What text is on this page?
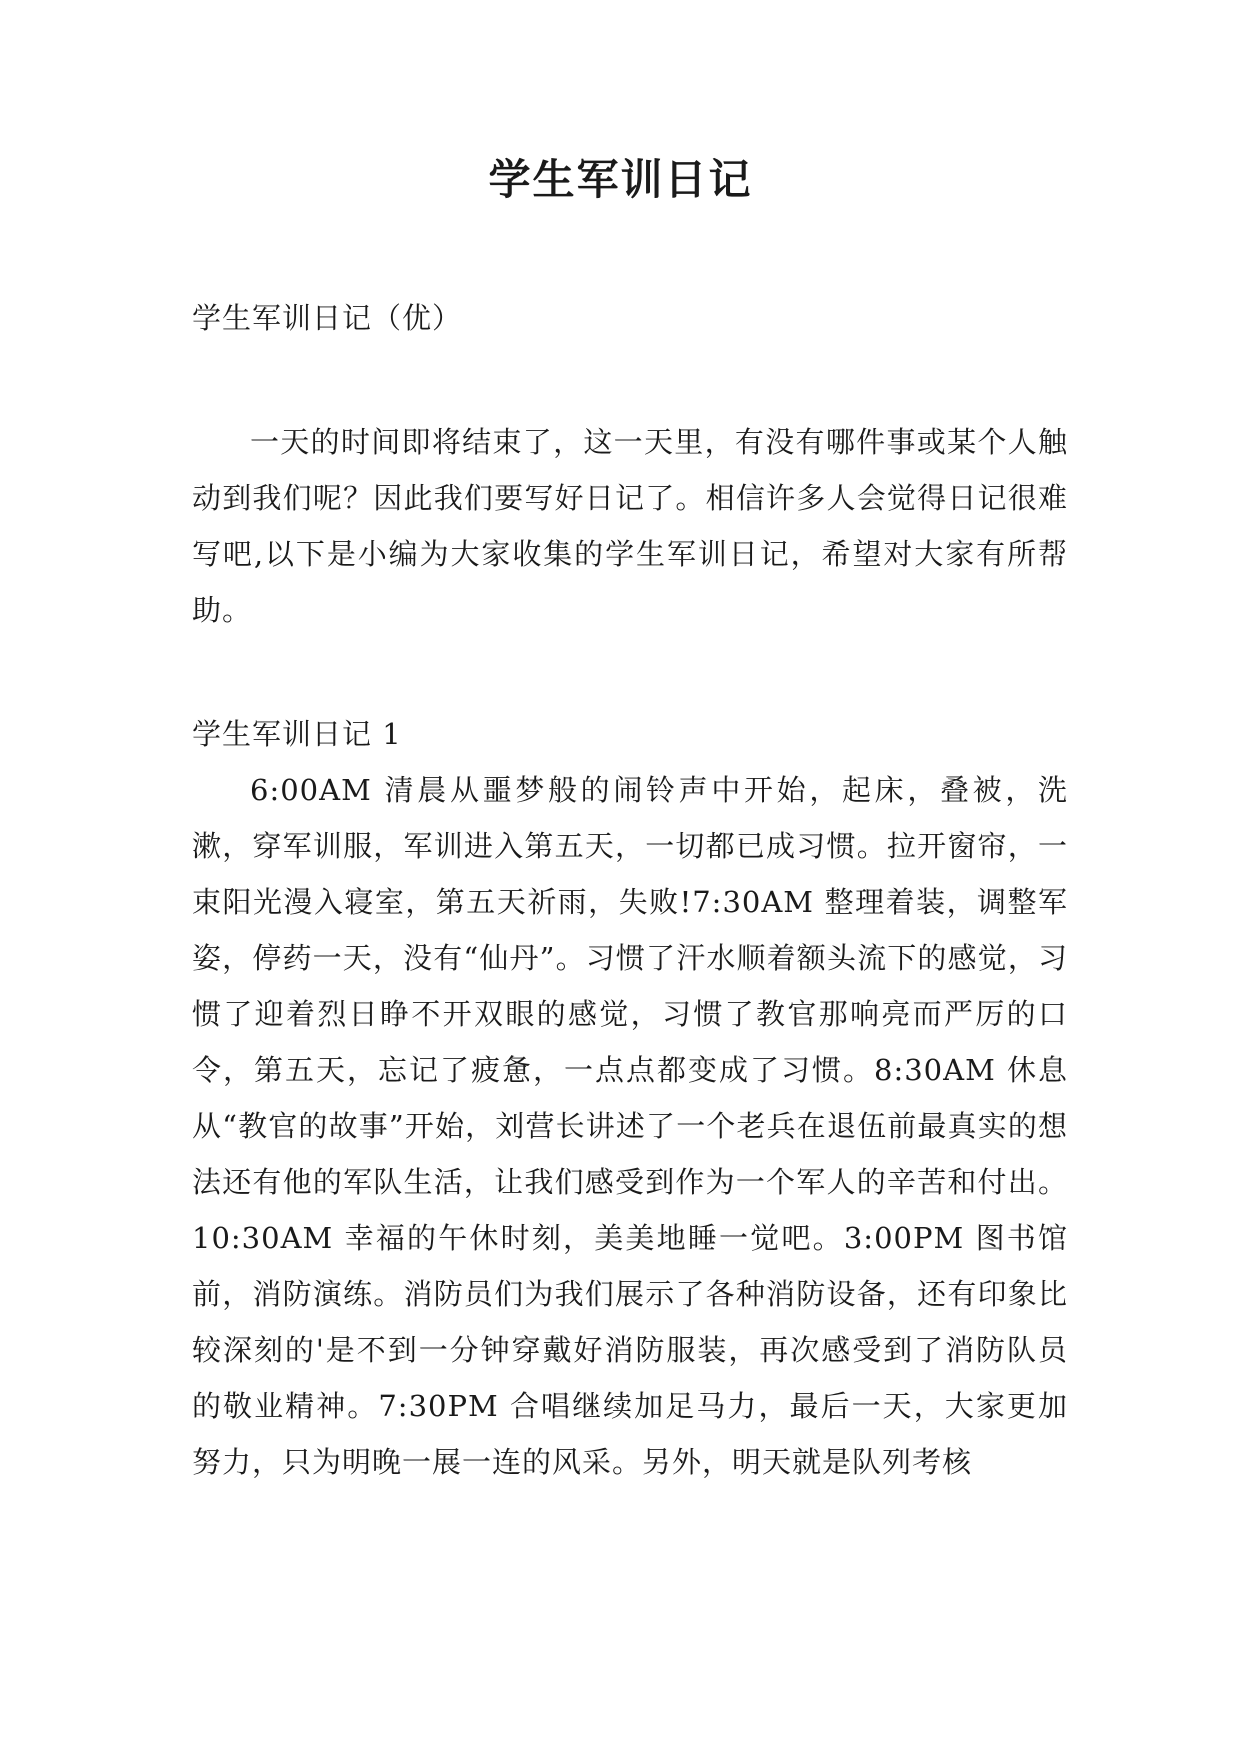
学生军训日记

学生军训日记（优）

一天的时间即将结束了，这一天里，有没有哪件事或某个人触动到我们呢？因此我们要写好日记了。相信许多人会觉得日记很难写吧,以下是小编为大家收集的学生军训日记，希望对大家有所帮助。

学生军训日记 1

6:00AM 清晨从噩梦般的闹铃声中开始，起床，叠被，洗漱，穿军训服，军训进入第五天，一切都已成习惯。拉开窗帘，一束阳光漫入寝室，第五天祈雨，失败!7:30AM 整理着装，调整军姿，停药一天，没有“仙丹”。习惯了汗水顺着额头流下的感觉，习惯了迎着烈日睁不开双眼的感觉，习惯了教官那响亮而严厉的口令，第五天，忘记了疲惫，一点点都变成了习惯。8:30AM 休息从“教官的故事”开始，刘营长讲述了一个老兵在退伍前最真实的想法还有他的军队生活，让我们感受到作为一个军人的辛苦和付出。10:30AM 幸福的午休时刻，美美地睡一觉吧。3:00PM 图书馆前，消防演练。消防员们为我们展示了各种消防设备，还有印象比较深刻的'是不到一分钟穿戴好消防服装，再次感受到了消防队员的敬业精神。7:30PM 合唱继续加足马力，最后一天，大家更加努力，只为明晚一展一连的风采。另外，明天就是队列考核
